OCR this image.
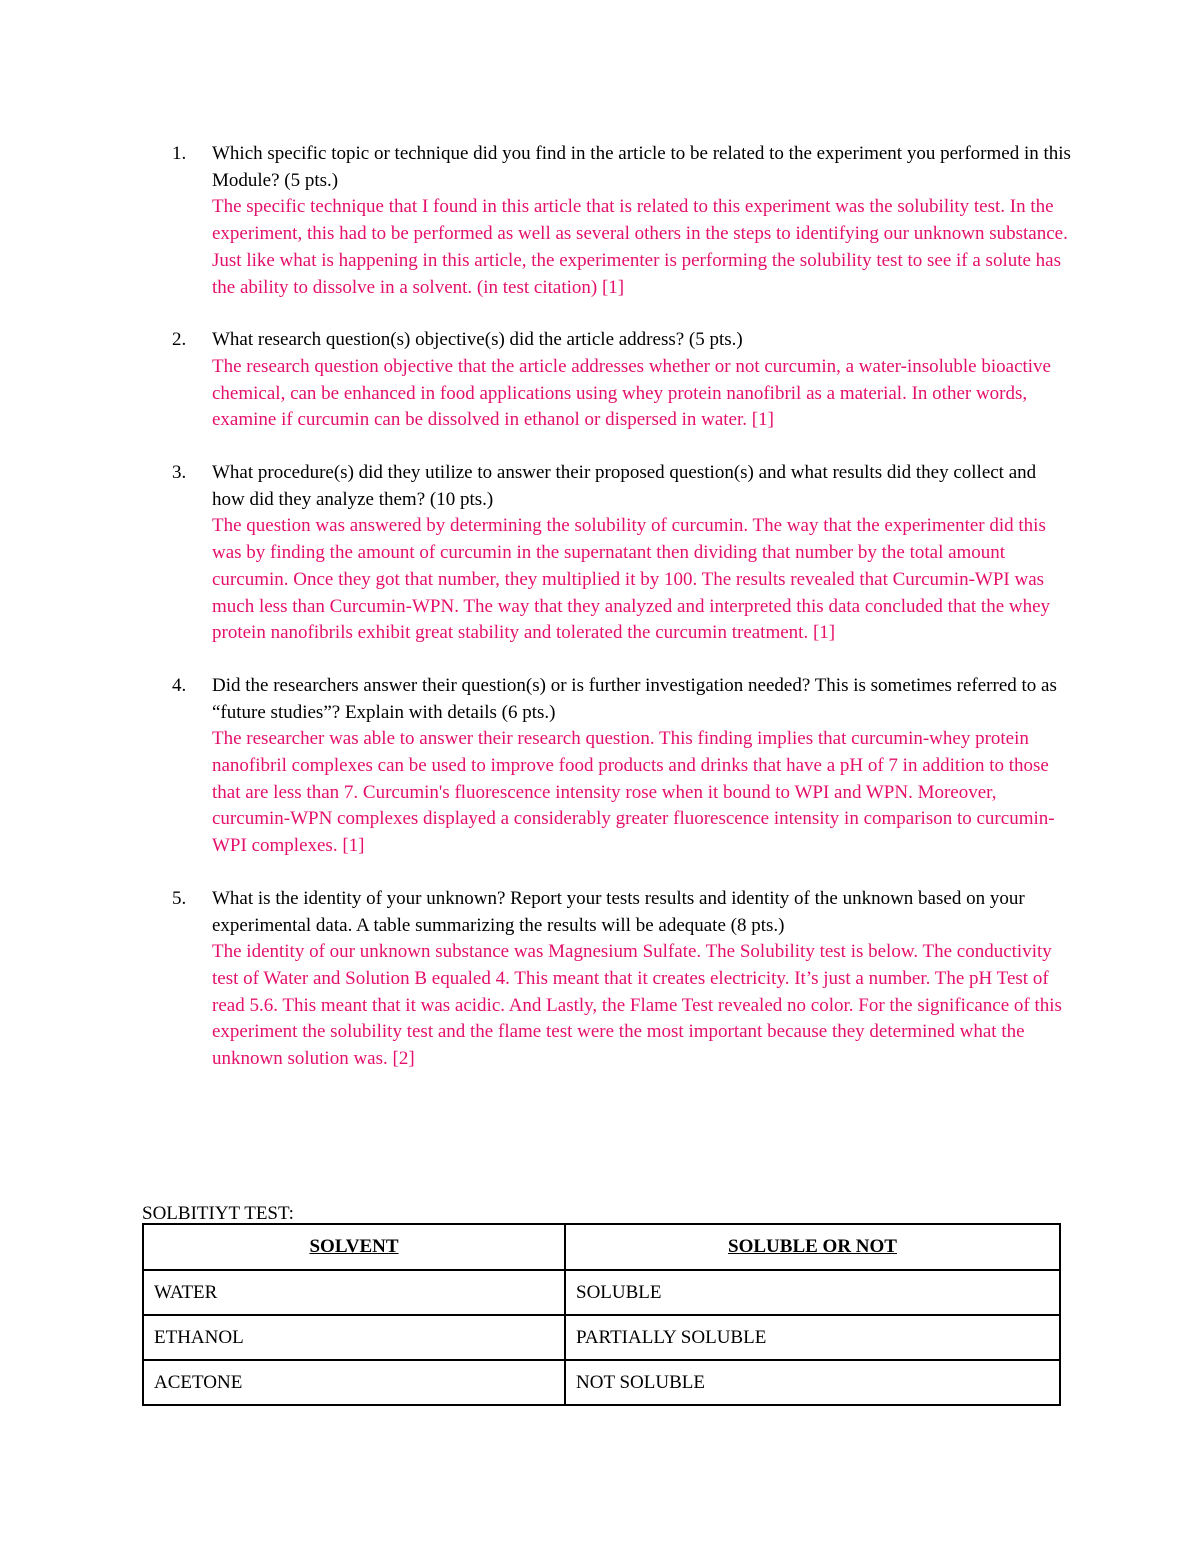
1. Which specific topic or technique did you find in the article to be related to the experiment you performed in this Module? (5 pts.)
The specific technique that I found in this article that is related to this experiment was the solubility test. In the experiment, this had to be performed as well as several others in the steps to identifying our unknown substance. Just like what is happening in this article, the experimenter is performing the solubility test to see if a solute has the ability to dissolve in a solvent. (in test citation) [1]
2. What research question(s) objective(s) did the article address? (5 pts.)
The research question objective that the article addresses whether or not curcumin, a water-insoluble bioactive chemical, can be enhanced in food applications using whey protein nanofibril as a material. In other words, examine if curcumin can be dissolved in ethanol or dispersed in water. [1]
3. What procedure(s) did they utilize to answer their proposed question(s) and what results did they collect and how did they analyze them? (10 pts.)
The question was answered by determining the solubility of curcumin. The way that the experimenter did this was by finding the amount of curcumin in the supernatant then dividing that number by the total amount curcumin. Once they got that number, they multiplied it by 100. The results revealed that Curcumin-WPI was much less than Curcumin-WPN. The way that they analyzed and interpreted this data concluded that the whey protein nanofibrils exhibit great stability and tolerated the curcumin treatment. [1]
4. Did the researchers answer their question(s) or is further investigation needed? This is sometimes referred to as “future studies”? Explain with details (6 pts.)
The researcher was able to answer their research question. This finding implies that curcumin-whey protein nanofibril complexes can be used to improve food products and drinks that have a pH of 7 in addition to those that are less than 7. Curcumin's fluorescence intensity rose when it bound to WPI and WPN. Moreover, curcumin-WPN complexes displayed a considerably greater fluorescence intensity in comparison to curcumin-WPI complexes. [1]
5. What is the identity of your unknown? Report your tests results and identity of the unknown based on your experimental data. A table summarizing the results will be adequate (8 pts.)
The identity of our unknown substance was Magnesium Sulfate. The Solubility test is below. The conductivity test of Water and Solution B equaled 4. This meant that it creates electricity. It’s just a number. The pH Test of read 5.6. This meant that it was acidic. And Lastly, the Flame Test revealed no color. For the significance of this experiment the solubility test and the flame test were the most important because they determined what the unknown solution was. [2]
SOLBITIYT TEST:
SOLVENT	SOLUBLE OR NOT
WATER	SOLUBLE
ETHANOL	PARTIALLY SOLUBLE
ACETONE	NOT SOLUBLE
